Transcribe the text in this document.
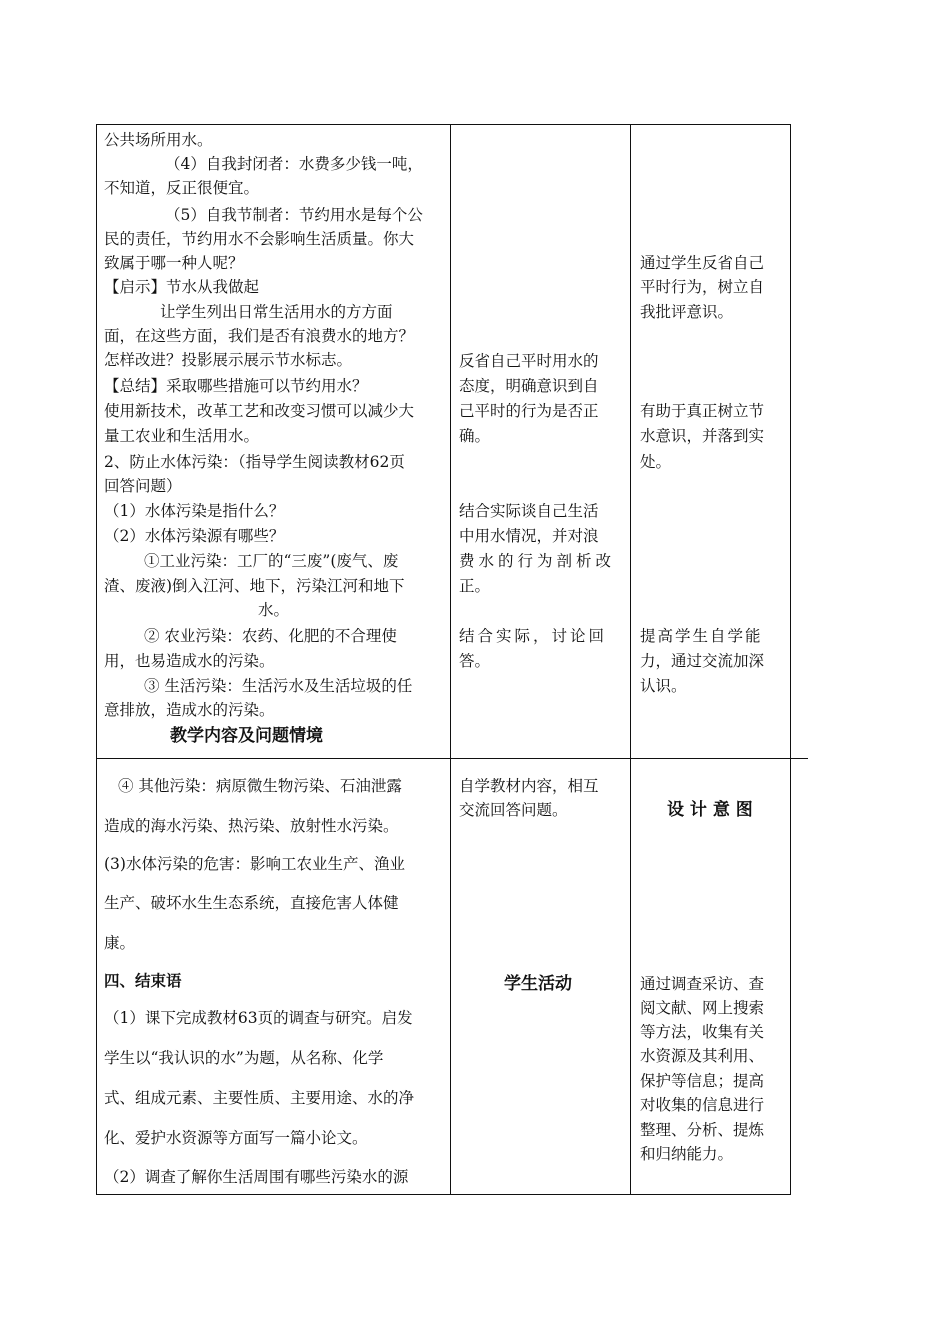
公共场所用水。
（4）自我封闭者：水费多少钱一吨，
不知道，反正很便宜。
（5）自我节制者：节约用水是每个公
民的责任，节约用水不会影响生活质量。你大
致属于哪一种人呢？
【启示】节水从我做起
让学生列出日常生活用水的方方面
面，在这些方面，我们是否有浪费水的地方？
怎样改进？投影展示展示节水标志。
【总结】采取哪些措施可以节约用水？
使用新技术，改革工艺和改变习惯可以减少大
量工农业和生活用水。
2、防止水体污染：（指导学生阅读教材62页
回答问题）
（1）水体污染是指什么？
（2）水体污染源有哪些？
①工业污染：工厂的“三废”(废气、废
渣、废液)倒入江河、地下，污染江河和地下
水。
② 农业污染：农药、化肥的不合理使
用，也易造成水的污染。
③ 生活污染：生活污水及生活垃圾的任
意排放，造成水的污染。
教学内容及问题情境
反省自己平时用水的
态度，明确意识到自
己平时的行为是否正
确。
结合实际谈自己生活
中用水情况，并对浪
费水的行为剖析改
正。
结合实际，讨论回
答。
通过学生反省自己
平时行为，树立自
我批评意识。
有助于真正树立节
水意识，并落到实
处。
提高学生自学能
力，通过交流加深
认识。
④ 其他污染：病原微生物污染、石油泄露
造成的海水污染、热污染、放射性水污染。
(3)水体污染的危害：影响工农业生产、渔业
生产、破坏水生生态系统，直接危害人体健
康。
四、结束语
（1）课下完成教材63页的调查与研究。启发
学生以“我认识的水”为题，从名称、化学
式、组成元素、主要性质、主要用途、水的净
化、爱护水资源等方面写一篇小论文。
（2）调查了解你生活周围有哪些污染水的源
自学教材内容，相互
交流回答问题。
学生活动
设 计 意 图
通过调查采访、查
阅文献、网上搜索
等方法，收集有关
水资源及其利用、
保护等信息；提高
对收集的信息进行
整理、分析、提炼
和归纳能力。
